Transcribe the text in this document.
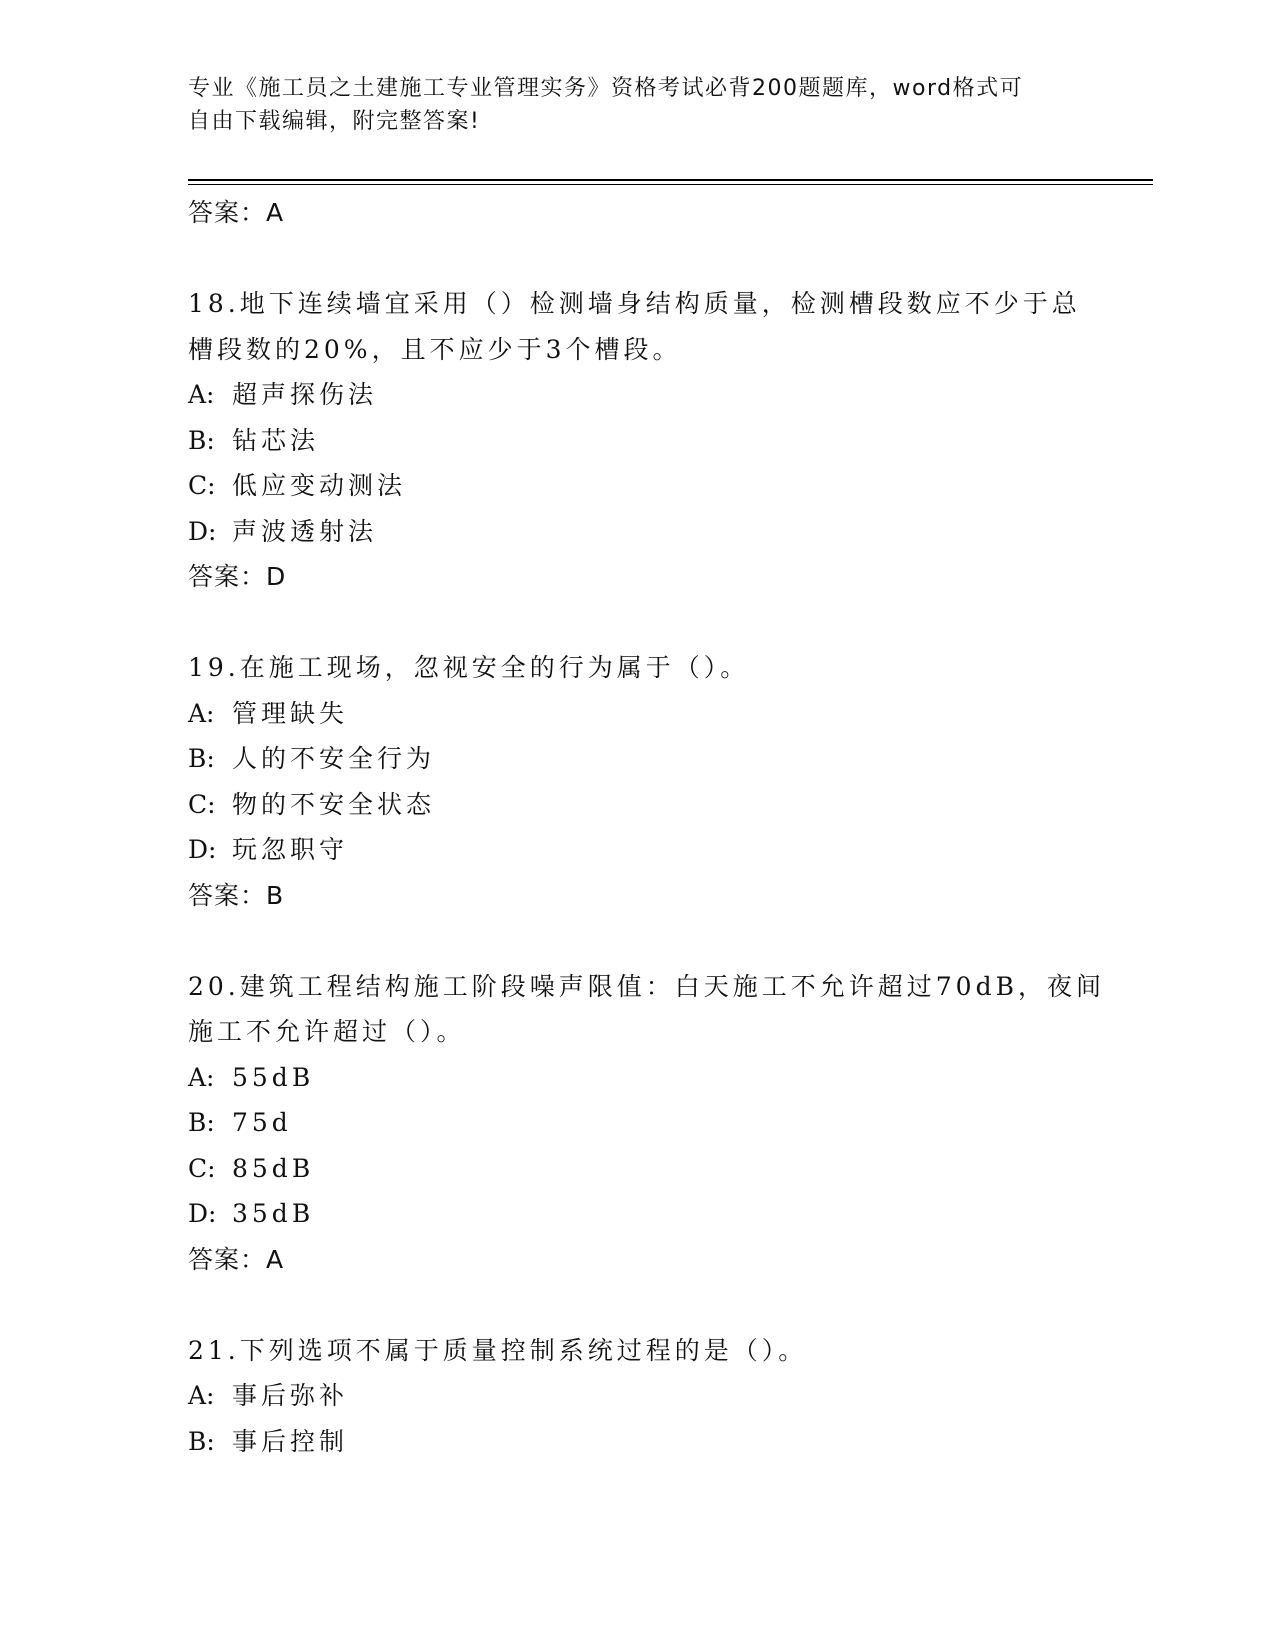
专业《施工员之土建施工专业管理实务》资格考试必背200题题库，word格式可
自由下载编辑，附完整答案!
答案：A
18.地下连续墙宜采用（）检测墙身结构质量，检测槽段数应不少于总
槽段数的20%，且不应少于3个槽段。
A: 超声探伤法
B: 钻芯法
C: 低应变动测法
D: 声波透射法
答案：D
19.在施工现场，忽视安全的行为属于（）。
A: 管理缺失
B: 人的不安全行为
C: 物的不安全状态
D: 玩忽职守
答案：B
20.建筑工程结构施工阶段噪声限值：白天施工不允许超过70dB，夜间
施工不允许超过（）。
A: 55dB
B: 75d
C: 85dB
D: 35dB
答案：A
21.下列选项不属于质量控制系统过程的是（）。
A: 事后弥补
B: 事后控制
